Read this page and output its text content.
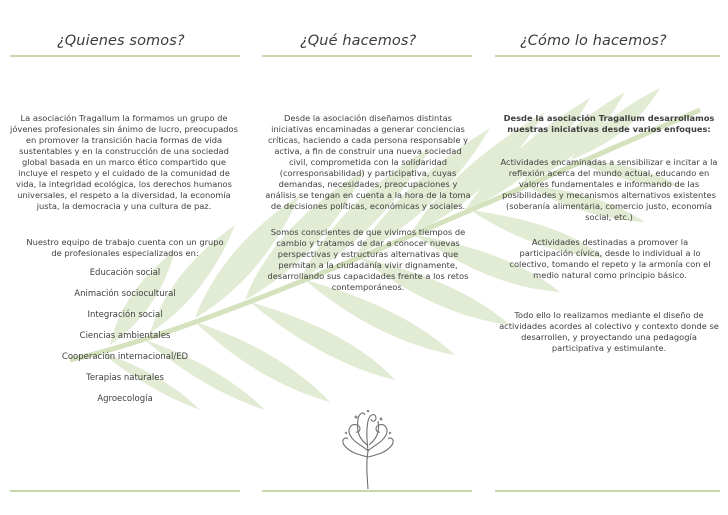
¿Quienes somos?	¿Qué hacemos?	¿Cómo lo hacemos?

La asociación Tragallum la formamos un grupo de jóvenes profesionales sin ánimo de lucro, preocupados en promover la transición hacia formas de vida sustentables y en la construcción de una sociedad global basada en un marco ético compartido que incluye el respeto y el cuidado de la comunidad de vida, la integridad ecológica, los derechos humanos universales, el respeto a la diversidad, la economía justa, la democracia y una cultura de paz.

Nuestro equipo de trabajo cuenta con un grupo de profesionales especializados en:

Educación social
Animación sociocultural
Integración social
Ciencias ambientales
Cooperación internacional/ED
Terapias naturales
Agroecología

Desde la asociación diseñamos distintas iniciativas encaminadas a generar conciencias críticas, haciendo a cada persona responsable y activa, a fin de construir una nueva sociedad civil, comprometida con la solidaridad (corresponsabilidad) y participativa, cuyas demandas, necesidades, preocupaciones y análisis se tengan en cuenta a la hora de la toma de decisiones políticas, económicas y sociales.

Somos conscientes de que vivimos tiempos de cambio y tratamos de dar a conocer nuevas perspectivas y estructuras alternativas que permitan a la ciudadanía vivir dignamente, desarrollando sus capacidades frente a los retos contemporáneos.

Desde la asociación Tragallum desarrollamos nuestras iniciativas desde varios enfoques:

Actividades encaminadas a sensibilizar e incitar a la reflexión acerca del mundo actual, educando en valores fundamentales e informando de las posibilidades y mecanismos alternativos existentes (soberanía alimentaria, comercio justo, economía social, etc.)

Actividades destinadas a promover la participación cívica, desde lo individual a lo colectivo, tomando el repeto y la armonía con el medio natural como principio básico.

Todo ello lo realizamos mediante el diseño de actividades acordes al colectivo y contexto donde se desarrollen, y proyectando una pedagogía participativa y estimulante.
